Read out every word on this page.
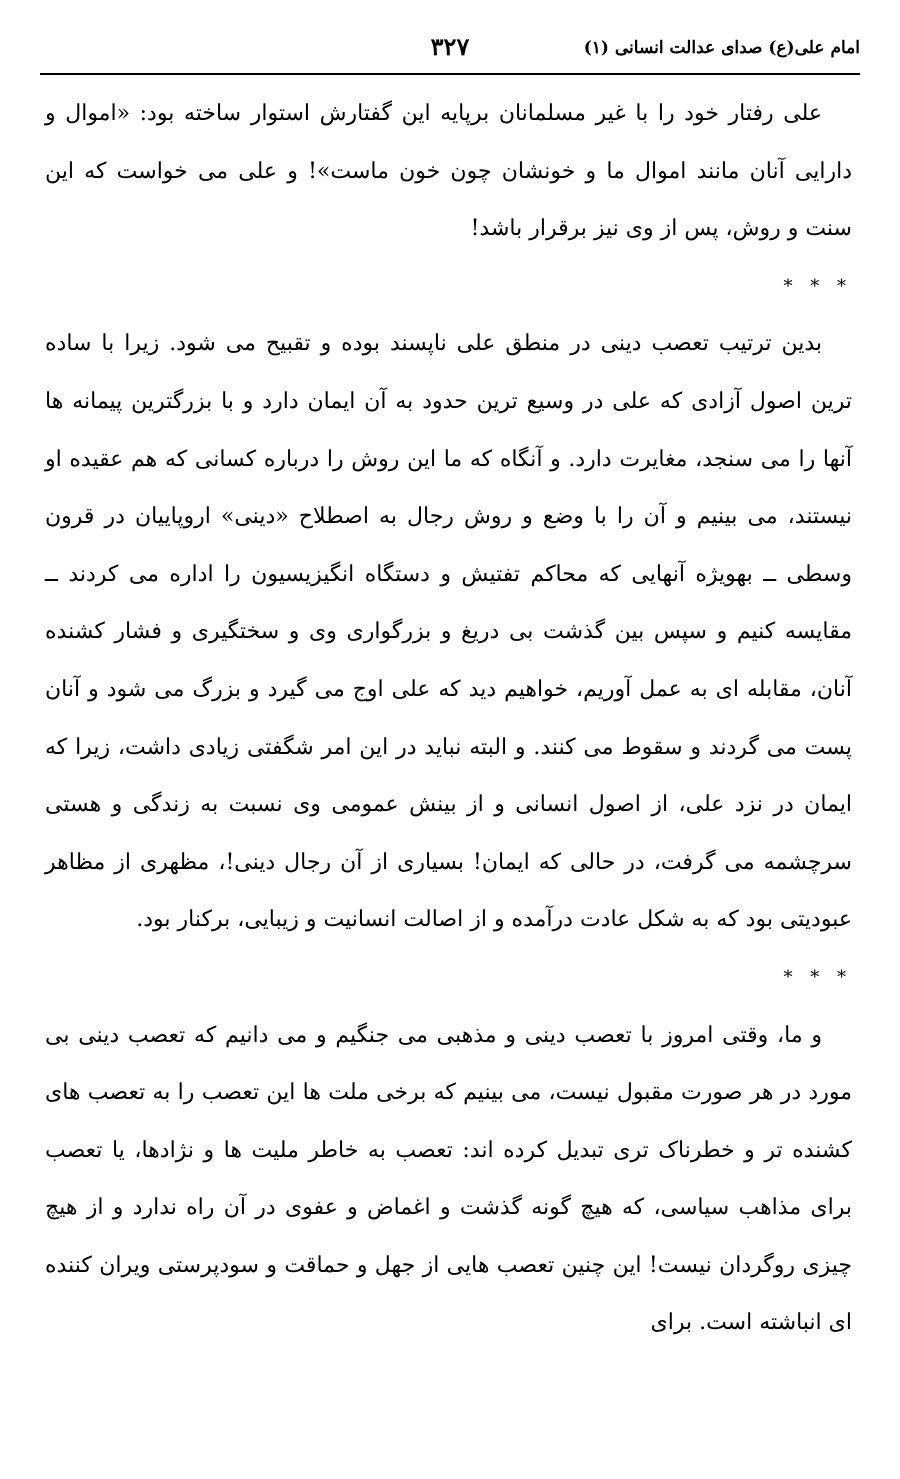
امام علی(ع) صدای عدالت انسانی (۱)
۳۲۷

علی رفتار خود را با غیر مسلمانان برپایه این گفتارش استوار ساخته بود: «اموال و دارایی آنان مانند اموال ما و خونشان چون خون ماست»! و علی می خواست که این سنت و روش، پس از وی نیز برقرار باشد!

* * *

بدین ترتیب تعصب دینی در منطق علی ناپسند بوده و تقبیح می شود. زیرا با ساده ترین اصول آزادی که علی در وسیع ترین حدود به آن ایمان دارد و با بزرگترین پیمانه ها آنها را می سنجد، مغایرت دارد. و آنگاه که ما این روش را درباره کسانی که هم عقیده او نیستند، می بینیم و آن را با وضع و روش رجال به اصطلاح «دینی» اروپاییان در قرون وسطی ــ بهویژه آنهایی که محاکم تفتیش و دستگاه انگیزیسیون را اداره می کردند ــ مقایسه کنیم و سپس بین گذشت بی دریغ و بزرگواری وی و سختگیری و فشار کشنده آنان، مقابله ای به عمل آوریم، خواهیم دید که علی اوج می گیرد و بزرگ می شود و آنان پست می گردند و سقوط می کنند. و البته نباید در این امر شگفتی زیادی داشت، زیرا که ایمان در نزد علی، از اصول انسانی و از بینش عمومی وی نسبت به زندگی و هستی سرچشمه می گرفت، در حالی که ایمان! بسیاری از آن رجال دینی!، مظهری از مظاهر عبودیتی بود که به شکل عادت درآمده و از اصالت انسانیت و زیبایی، برکنار بود.

* * *

و ما، وقتی امروز با تعصب دینی و مذهبی می جنگیم و می دانیم که تعصب دینی بی مورد در هر صورت مقبول نیست، می بینیم که برخی ملت ها این تعصب را به تعصب های کشنده تر و خطرناک تری تبدیل کرده اند: تعصب به خاطر ملیت ها و نژادها، یا تعصب برای مذاهب سیاسی، که هیچ گونه گذشت و اغماض و عفوی در آن راه ندارد و از هیچ چیزی روگردان نیست! این چنین تعصب هایی از جهل و حماقت و سودپرستی ویران کننده ای انباشته است. برای
